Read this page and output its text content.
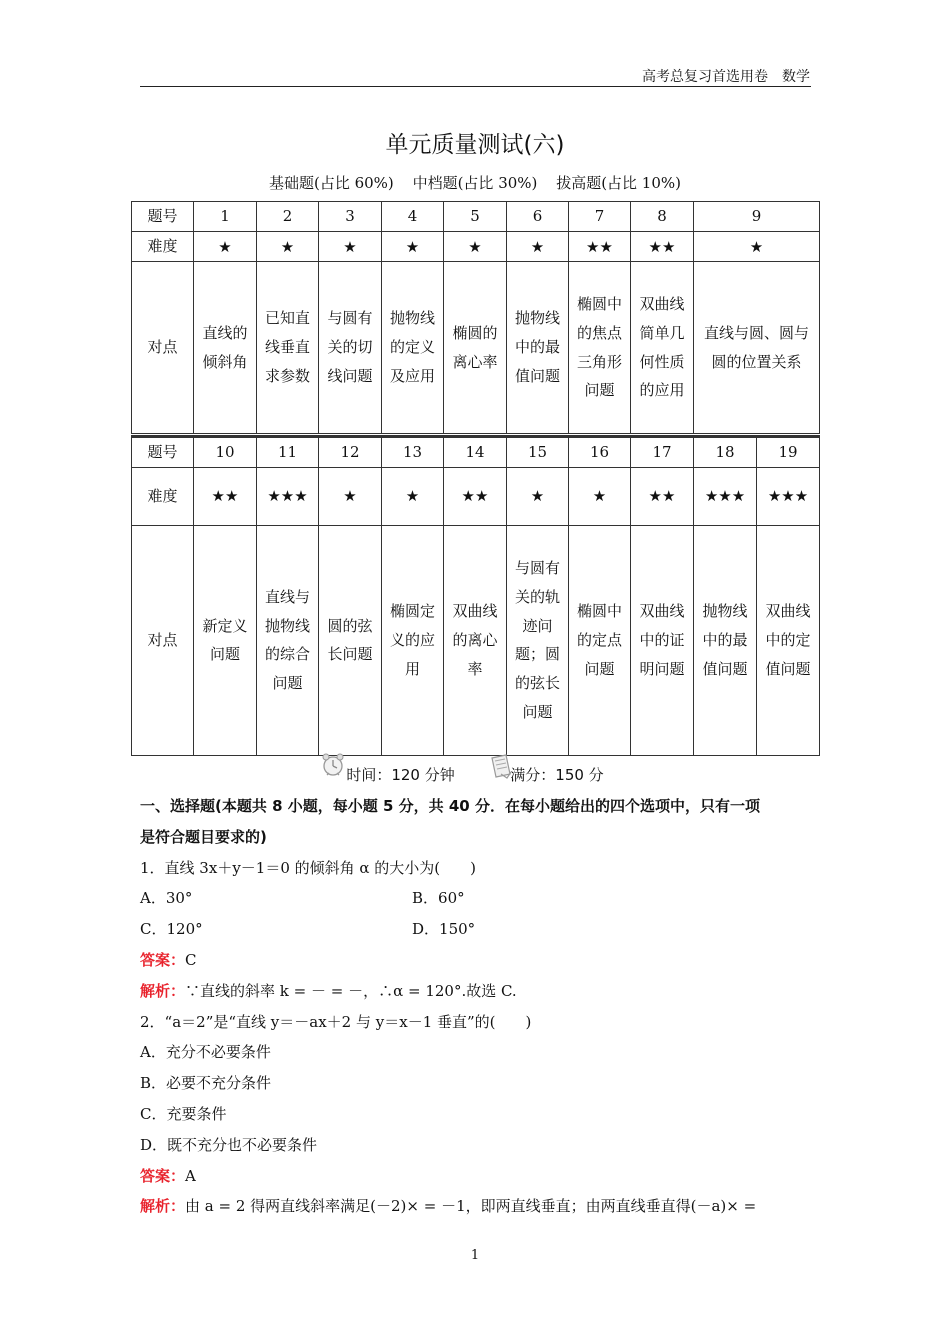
高考总复习首选用卷　数学
单元质量测试(六)
基础题(占比 60%) 中档题(占比 30%) 拔高题(占比 10%)
题号	1	2	3	4	5	6	7	8	9
难度	★	★	★	★	★	★	★★	★★	★
对点	直线的倾斜角	已知直线垂直求参数	与圆有关的切线问题	抛物线的定义及应用	椭圆的离心率	抛物线中的最值问题	椭圆中的焦点三角形问题	双曲线简单几何性质的应用	直线与圆、圆与圆的位置关系
题号	10	11	12	13	14	15	16	17	18	19
难度	★★	★★★	★	★	★★	★	★	★★	★★★	★★★
对点	新定义问题	直线与抛物线的综合问题	圆的弦长问题	椭圆定义的应用	双曲线的离心率	与圆有关的轨迹问题；圆的弦长问题	椭圆中的定点问题	双曲线中的证明问题	抛物线中的最值问题	双曲线中的定值问题
时间：120 分钟	满分：150 分
一、选择题(本题共 8 小题，每小题 5 分，共 40 分．在每小题给出的四个选项中，只有一项
是符合题目要求的)
1．直线 3x＋y－1＝0 的倾斜角 α 的大小为(　　)
A．30°	B．60°
C．120°	D．150°
答案：C
解析：∵直线的斜率 k = － = －，∴α = 120°.故选 C.
2．“a＝2”是“直线 y＝－ax＋2 与 y＝x－1 垂直”的(　　)
A．充分不必要条件
B．必要不充分条件
C．充要条件
D．既不充分也不必要条件
答案：A
解析：由 a = 2 得两直线斜率满足(－2)× = －1，即两直线垂直；由两直线垂直得(－a)× =
1
